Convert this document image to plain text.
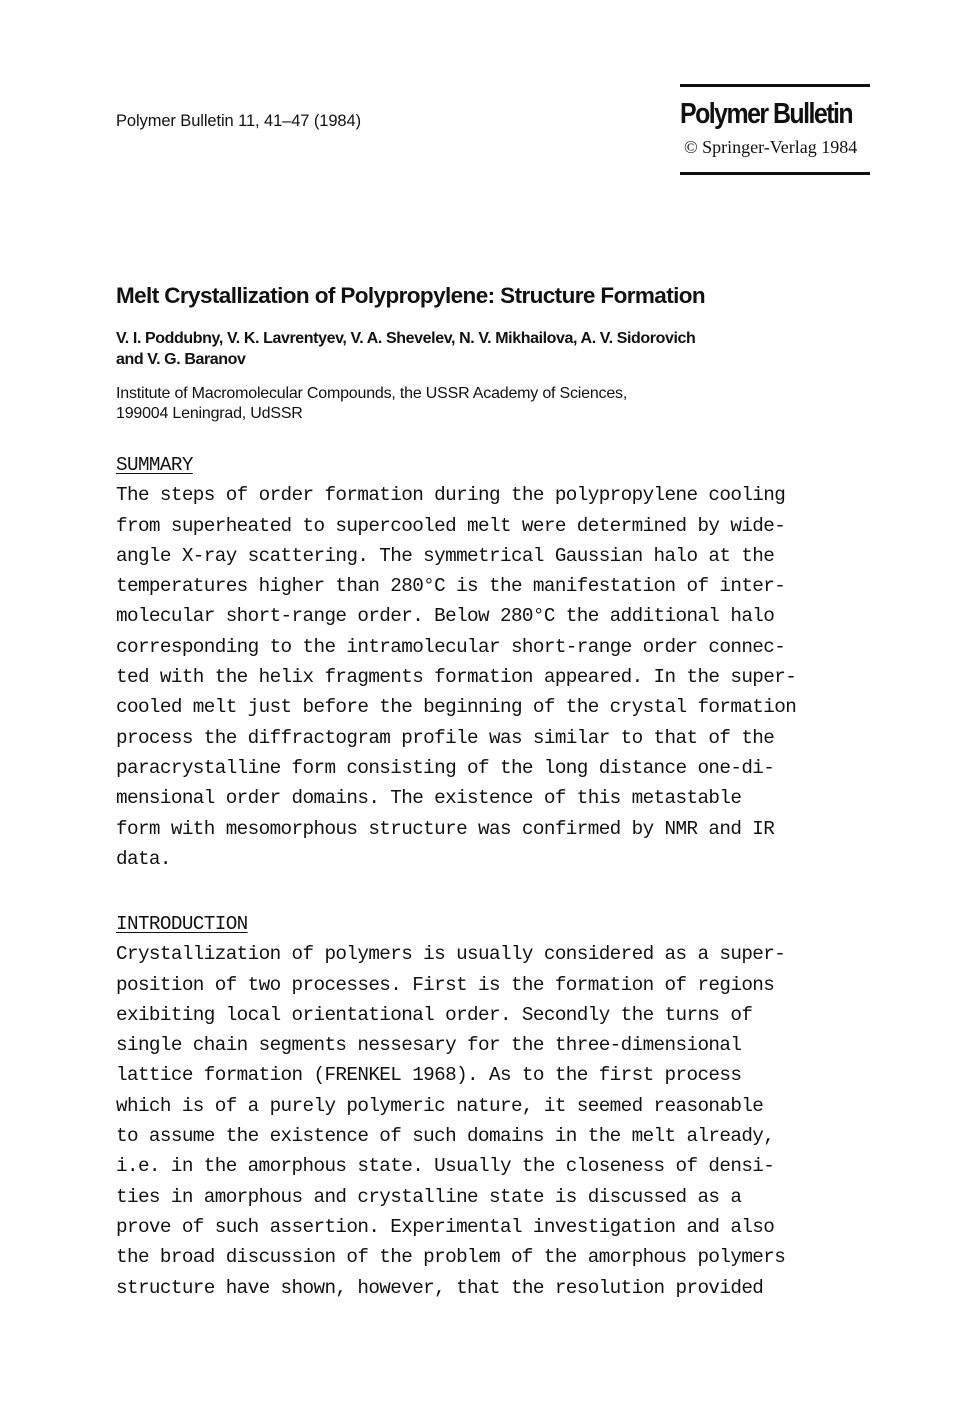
Polymer Bulletin 11, 41–47 (1984)	Polymer Bulletin
© Springer-Verlag 1984
Melt Crystallization of Polypropylene: Structure Formation
V. I. Poddubny, V. K. Lavrentyev, V. A. Shevelev, N. V. Mikhailova, A. V. Sidorovich
and V. G. Baranov
Institute of Macromolecular Compounds, the USSR Academy of Sciences,
199004 Leningrad, UdSSR
SUMMARY
The steps of order formation during the polypropylene cooling
from superheated to supercooled melt were determined by wide-
angle X-ray scattering. The symmetrical Gaussian halo at the
temperatures higher than 280°C is the manifestation of inter-
molecular short-range order. Below 280°C the additional halo
corresponding to the intramolecular short-range order connec-
ted with the helix fragments formation appeared. In the super-
cooled melt just before the beginning of the crystal formation
process the diffractogram profile was similar to that of the
paracrystalline form consisting of the long distance one-di-
mensional order domains. The existence of this metastable
form with mesomorphous structure was confirmed by NMR and IR
data.
INTRODUCTION
Crystallization of polymers is usually considered as a super-
position of two processes. First is the formation of regions
exibiting local orientational order. Secondly the turns of
single chain segments nessesary for the three-dimensional
lattice formation (FRENKEL 1968). As to the first process
which is of a purely polymeric nature, it seemed reasonable
to assume the existence of such domains in the melt already,
i.e. in the amorphous state. Usually the closeness of densi-
ties in amorphous and crystalline state is discussed as a
prove of such assertion. Experimental investigation and also
the broad discussion of the problem of the amorphous polymers
structure have shown, however, that the resolution provided
